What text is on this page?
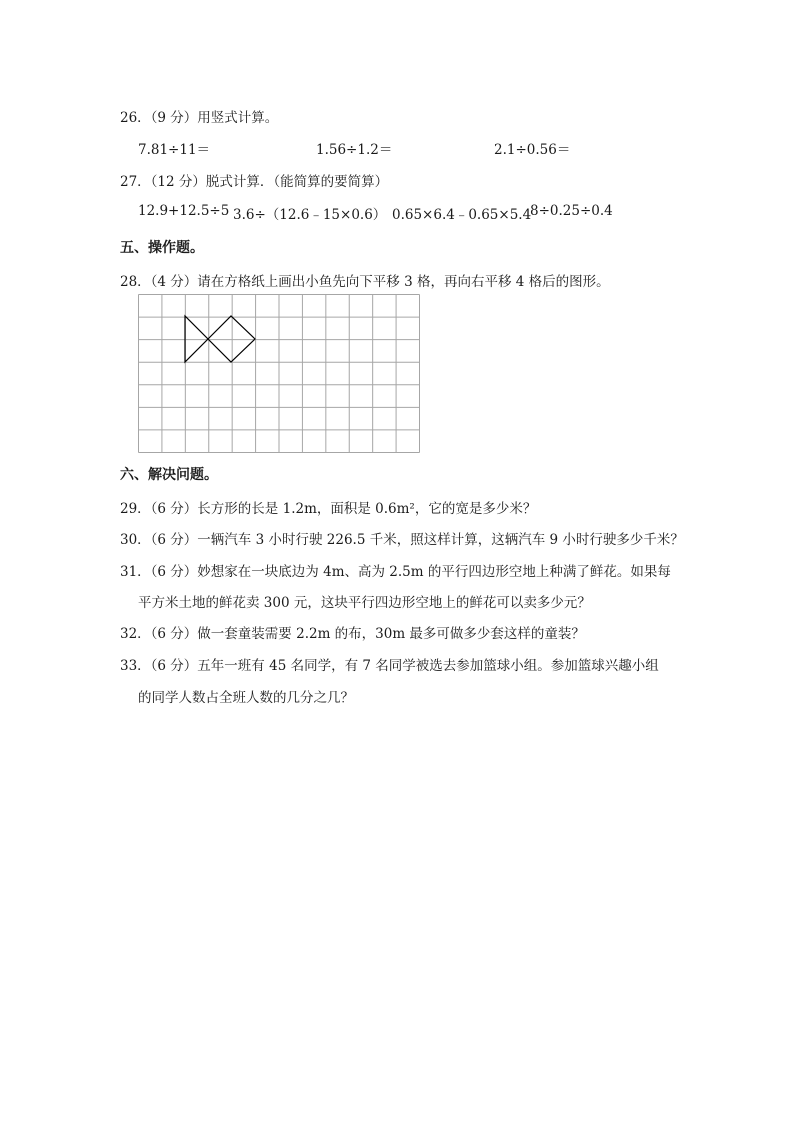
26．（9 分）用竖式计算。
7.81÷11＝	1.56÷1.2＝	2.1÷0.56＝
27．（12 分）脱式计算．（能简算的要简算）
12.9+12.5÷5 3.6÷（12.6﹣15×0.6） 0.65×6.4﹣0.65×5.4
8÷0.25÷0.4
五、操作题。
28．（4 分）请在方格纸上画出小鱼先向下平移 3 格，再向右平移 4 格后的图形。
六、解决问题。
29．（6 分）长方形的长是 1.2m，面积是 0.6m²，它的宽是多少米？
30．（6 分）一辆汽车 3 小时行驶 226.5 千米，照这样计算，这辆汽车 9 小时行驶多少千米？
31．（6 分）妙想家在一块底边为 4m、高为 2.5m 的平行四边形空地上种满了鲜花。如果每
平方米土地的鲜花卖 300 元，这块平行四边形空地上的鲜花可以卖多少元？
32．（6 分）做一套童装需要 2.2m 的布，30m 最多可做多少套这样的童装？
33．（6 分）五年一班有 45 名同学，有 7 名同学被选去参加篮球小组。参加篮球兴趣小组
的同学人数占全班人数的几分之几？
